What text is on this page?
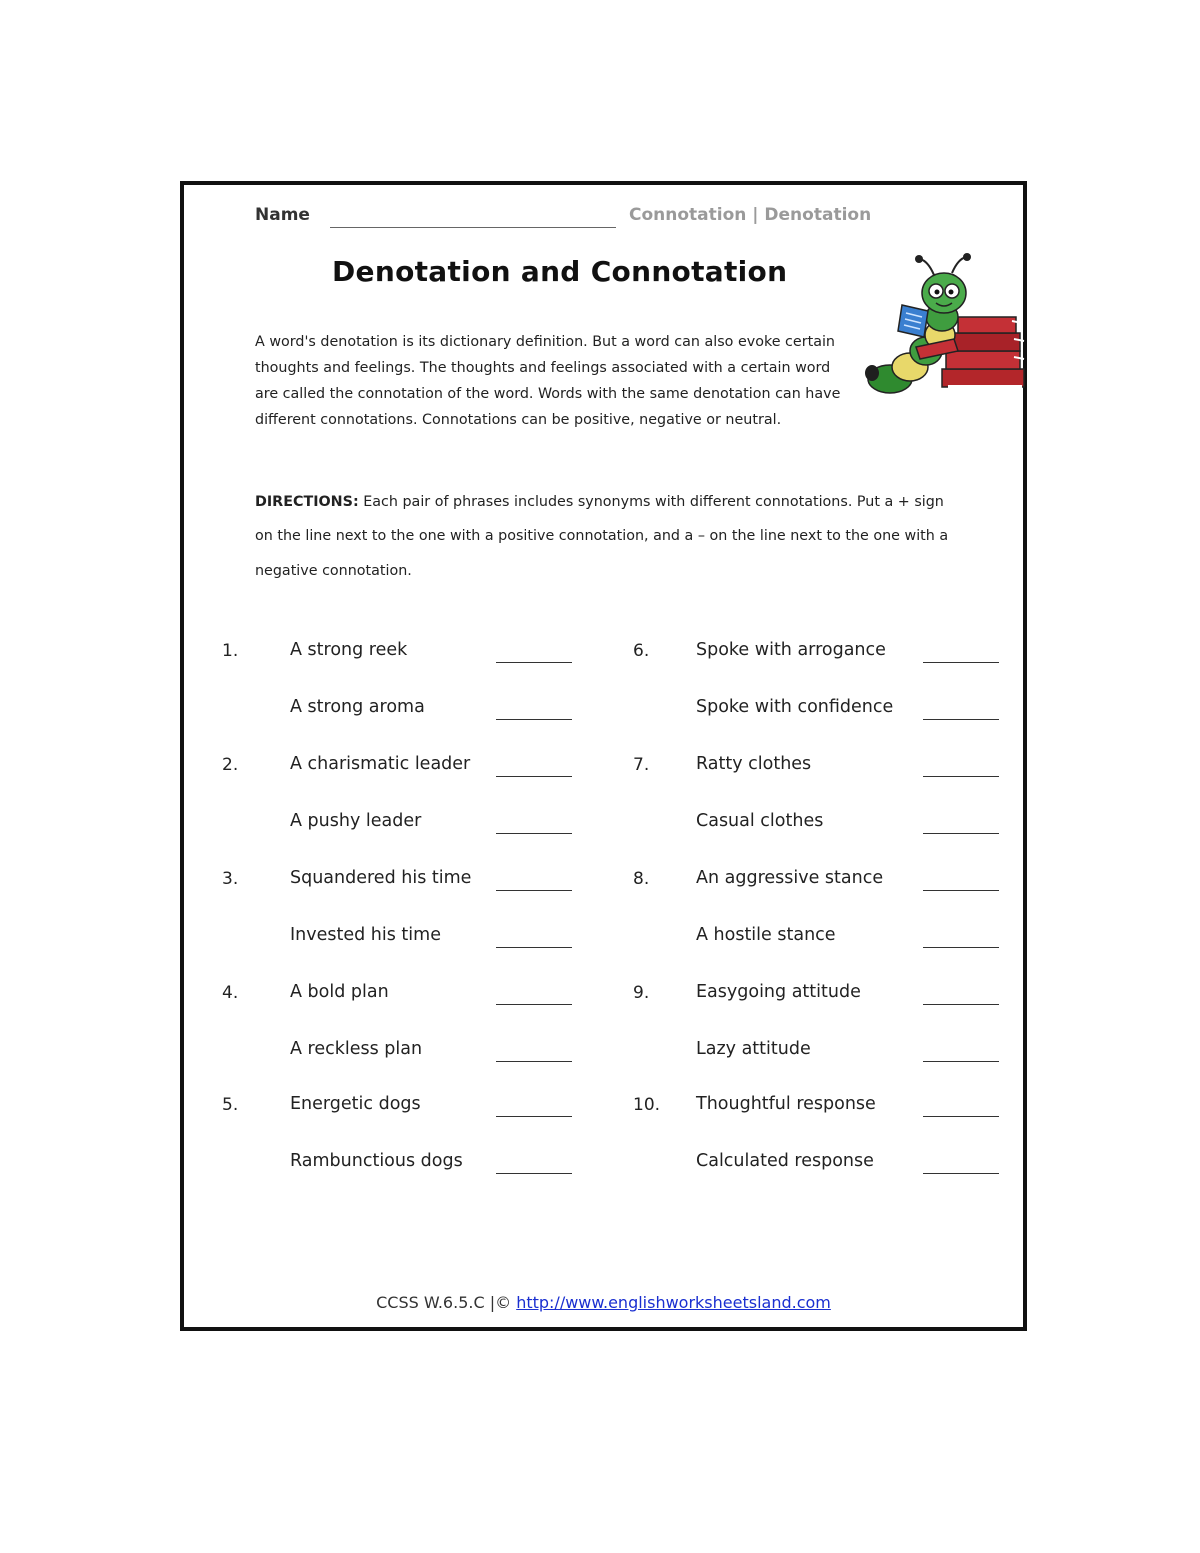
Name	Connotation | Denotation
Denotation and Connotation
A word's denotation is its dictionary definition. But a word can also evoke certain thoughts and feelings. The thoughts and feelings associated with a certain word are called the connotation of the word. Words with the same denotation can have different connotations. Connotations can be positive, negative or neutral.
DIRECTIONS: Each pair of phrases includes synonyms with different connotations. Put a + sign on the line next to the one with a positive connotation, and a – on the line next to the one with a negative connotation.
1.	A strong reek
A strong aroma
2.	A charismatic leader
A pushy leader
3.	Squandered his time
Invested his time
4.	A bold plan
A reckless plan
5.	Energetic dogs
Rambunctious dogs
6.	Spoke with arrogance
Spoke with confidence
7.	Ratty clothes
Casual clothes
8.	An aggressive stance
A hostile stance
9.	Easygoing attitude
Lazy attitude
10. Thoughtful response
Calculated response
CCSS W.6.5.C |© http://www.englishworksheetsland.com
